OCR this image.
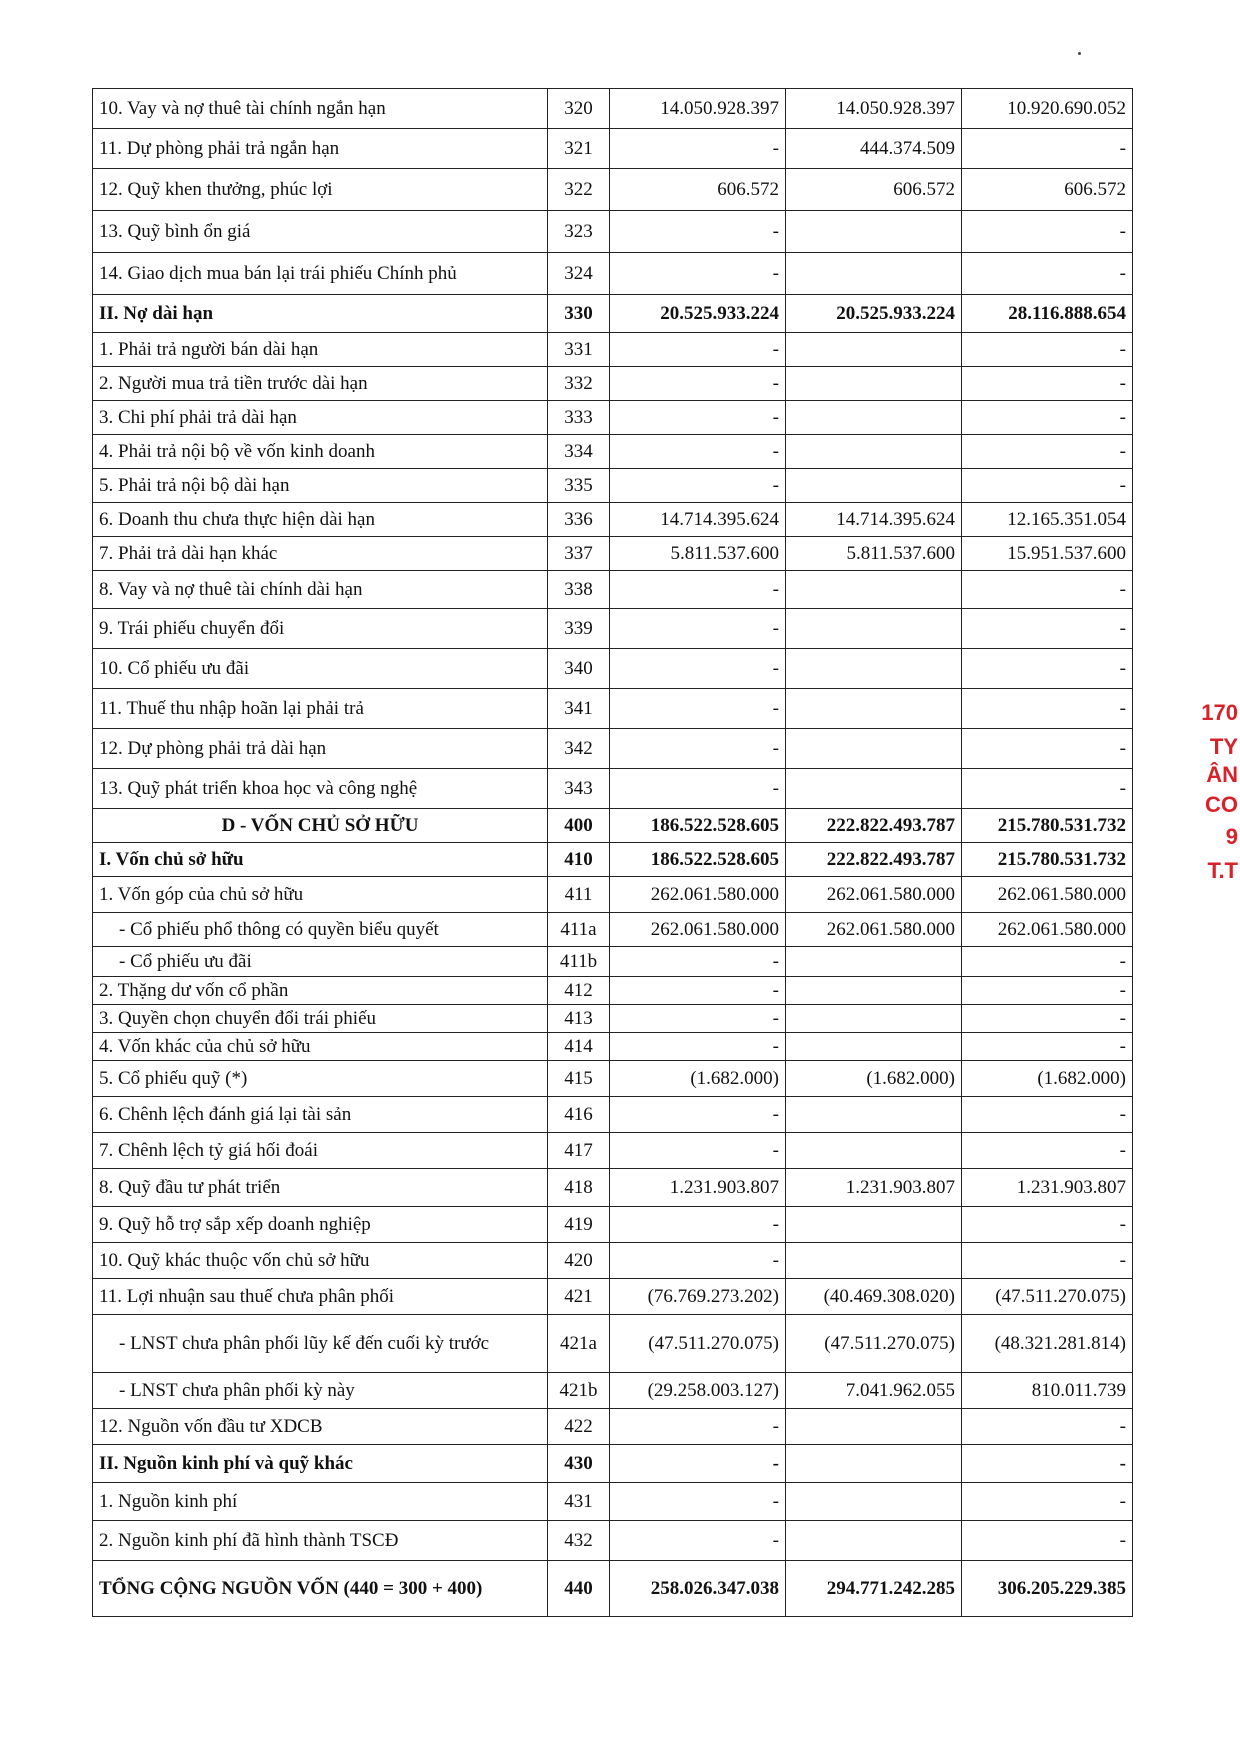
10. Vay và nợ thuê tài chính ngắn hạn	320	14.050.928.397	14.050.928.397	10.920.690.052
11. Dự phòng phải trả ngắn hạn	321	-	444.374.509	-
12. Quỹ khen thưởng, phúc lợi	322	606.572	606.572	606.572
13. Quỹ bình ổn giá	323	-		-
14. Giao dịch mua bán lại trái phiếu Chính phủ	324	-		-
II. Nợ dài hạn	330	20.525.933.224	20.525.933.224	28.116.888.654
1. Phải trả người bán dài hạn	331	-		-
2. Người mua trả tiền trước dài hạn	332	-		-
3. Chi phí phải trả dài hạn	333	-		-
4. Phải trả nội bộ về vốn kinh doanh	334	-		-
5. Phải trả nội bộ dài hạn	335	-		-
6. Doanh thu chưa thực hiện dài hạn	336	14.714.395.624	14.714.395.624	12.165.351.054
7. Phải trả dài hạn khác	337	5.811.537.600	5.811.537.600	15.951.537.600
8. Vay và nợ thuê tài chính dài hạn	338	-		-
9. Trái phiếu chuyển đổi	339	-		-
10. Cổ phiếu ưu đãi	340	-		-
11. Thuế thu nhập hoãn lại phải trả	341	-		-
12. Dự phòng phải trả dài hạn	342	-		-
13. Quỹ phát triển khoa học và công nghệ	343	-		-
D - VỐN CHỦ SỞ HỮU	400	186.522.528.605	222.822.493.787	215.780.531.732
I. Vốn chủ sở hữu	410	186.522.528.605	222.822.493.787	215.780.531.732
1. Vốn góp của chủ sở hữu	411	262.061.580.000	262.061.580.000	262.061.580.000
- Cổ phiếu phổ thông có quyền biểu quyết	411a	262.061.580.000	262.061.580.000	262.061.580.000
- Cổ phiếu ưu đãi	411b	-		-
2. Thặng dư vốn cổ phần	412	-		-
3. Quyền chọn chuyển đổi trái phiếu	413	-		-
4. Vốn khác của chủ sở hữu	414	-		-
5. Cổ phiếu quỹ (*)	415	(1.682.000)	(1.682.000)	(1.682.000)
6. Chênh lệch đánh giá lại tài sản	416	-		-
7. Chênh lệch tỷ giá hối đoái	417	-		-
8. Quỹ đầu tư phát triển	418	1.231.903.807	1.231.903.807	1.231.903.807
9. Quỹ hỗ trợ sắp xếp doanh nghiệp	419	-		-
10. Quỹ khác thuộc vốn chủ sở hữu	420	-		-
11. Lợi nhuận sau thuế chưa phân phối	421	(76.769.273.202)	(40.469.308.020)	(47.511.270.075)
- LNST chưa phân phối lũy kế đến cuối kỳ trước	421a	(47.511.270.075)	(47.511.270.075)	(48.321.281.814)
- LNST chưa phân phối kỳ này	421b	(29.258.003.127)	7.041.962.055	810.011.739
12. Nguồn vốn đầu tư XDCB	422	-		-
II. Nguồn kinh phí và quỹ khác	430	-		-
1. Nguồn kinh phí	431	-		-
2. Nguồn kinh phí đã hình thành TSCĐ	432	-		-
TỔNG CỘNG NGUỒN VỐN (440 = 300 + 400)	440	258.026.347.038	294.771.242.285	306.205.229.385
170
TY
ÂN
CO
9
T.T
